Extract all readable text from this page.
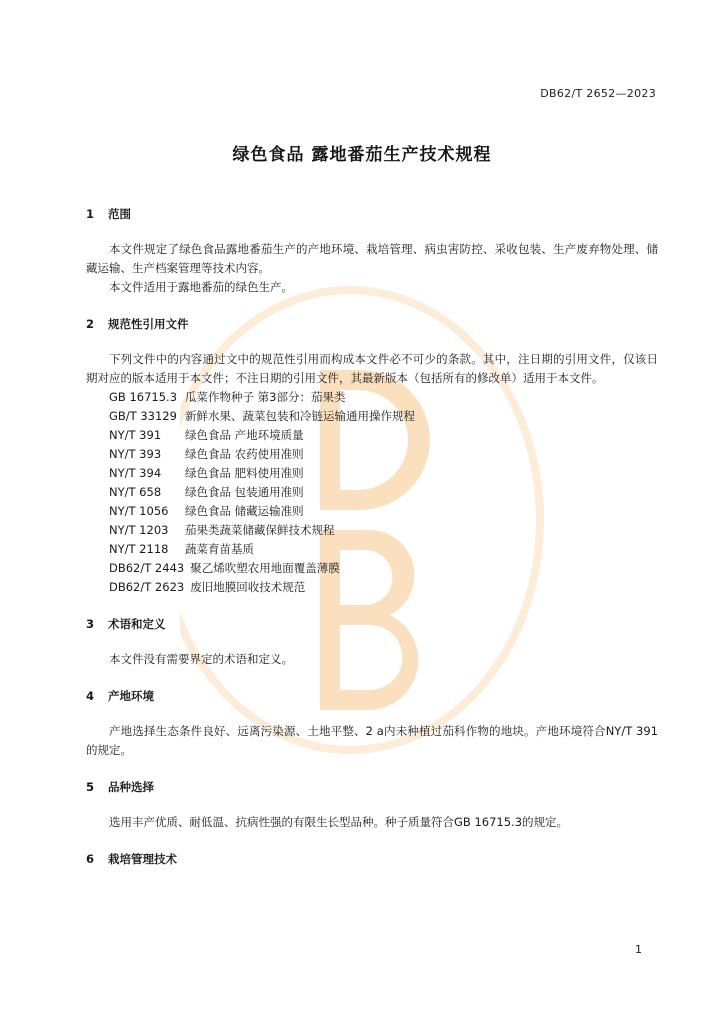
DB62/T 2652—2023
绿色食品 露地番茄生产技术规程
1 范围

本文件规定了绿色食品露地番茄生产的产地环境、栽培管理、病虫害防控、采收包装、生产废弃物处理、储藏运输、生产档案管理等技术内容。

本文件适用于露地番茄的绿色生产。

2 规范性引用文件

下列文件中的内容通过文中的规范性引用而构成本文件必不可少的条款。其中，注日期的引用文件，仅该日期对应的版本适用于本文件；不注日期的引用文件，其最新版本（包括所有的修改单）适用于本文件。

GB 16715.3 瓜菜作物种子 第3部分：茄果类
GB/T 33129 新鲜水果、蔬菜包装和冷链运输通用操作规程
NY/T 391 绿色食品 产地环境质量
NY/T 393 绿色食品 农药使用准则
NY/T 394 绿色食品 肥料使用准则
NY/T 658 绿色食品 包装通用准则
NY/T 1056 绿色食品 储藏运输准则
NY/T 1203 茄果类蔬菜储藏保鲜技术规程
NY/T 2118 蔬菜育苗基质
DB62/T 2443 聚乙烯吹塑农用地面覆盖薄膜
DB62/T 2623 废旧地膜回收技术规范
3 术语和定义

本文件没有需要界定的术语和定义。

4 产地环境

产地选择生态条件良好、远离污染源、土地平整、2 a内未种植过茄科作物的地块。产地环境符合NY/T 391的规定。

5 品种选择

选用丰产优质、耐低温、抗病性强的有限生长型品种。种子质量符合GB 16715.3的规定。

6 栽培管理技术
1
